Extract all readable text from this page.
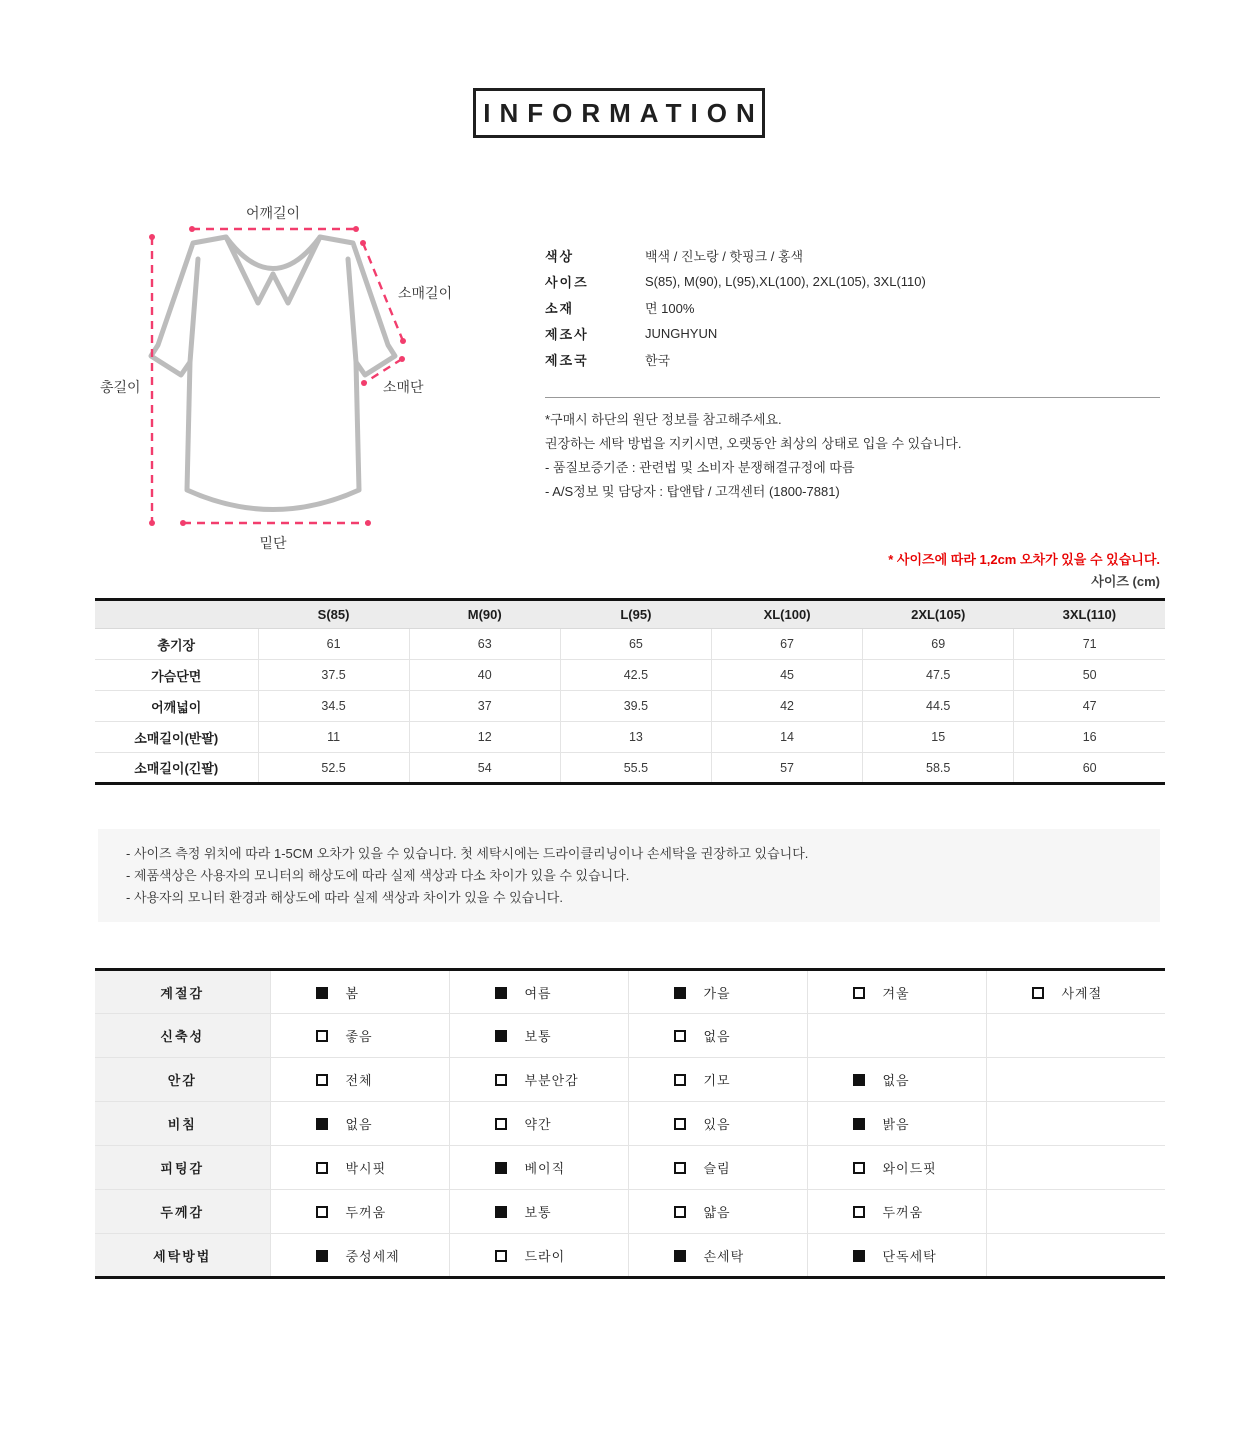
INFORMATION
어깨길이
소매길이
총길이	소매단
밑단
색상	백색 / 진노랑 / 핫핑크 / 홍색
사이즈	S(85), M(90), L(95),XL(100), 2XL(105), 3XL(110)
소재	면 100%
제조사	JUNGHYUN
제조국	한국
*구매시 하단의 원단 정보를 참고해주세요.
권장하는 세탁 방법을 지키시면, 오랫동안 최상의 상태로 입을 수 있습니다.
- 품질보증기준 : 관련법 및 소비자 분쟁해결규정에 따름
- A/S정보 및 담당자 : 탑앤탑 / 고객센터 (1800-7881)
* 사이즈에 따라 1,2cm 오차가 있을 수 있습니다.
사이즈 (cm)
	S(85)	M(90)	L(95)	XL(100)	2XL(105)	3XL(110)
총기장	61	63	65	67	69	71
가슴단면	37.5	40	42.5	45	47.5	50
어깨넓이	34.5	37	39.5	42	44.5	47
소매길이(반팔)	11	12	13	14	15	16
소매길이(긴팔)	52.5	54	55.5	57	58.5	60
- 사이즈 측정 위치에 따라 1-5CM 오차가 있을 수 있습니다. 첫 세탁시에는 드라이클리닝이나 손세탁을 권장하고 있습니다.
- 제품색상은 사용자의 모니터의 해상도에 따라 실제 색상과 다소 차이가 있을 수 있습니다.
- 사용자의 모니터 환경과 해상도에 따라 실제 색상과 차이가 있을 수 있습니다.
계절감	봄	여름	가을	겨울	사계절
신축성	좋음	보통	없음		
안감	전체	부분안감	기모	없음	
비침	없음	약간	있음	밝음	
피팅감	박시핏	베이직	슬림	와이드핏	
두께감	두꺼움	보통	얇음	두꺼움	
세탁방법	중성세제	드라이	손세탁	단독세탁	
